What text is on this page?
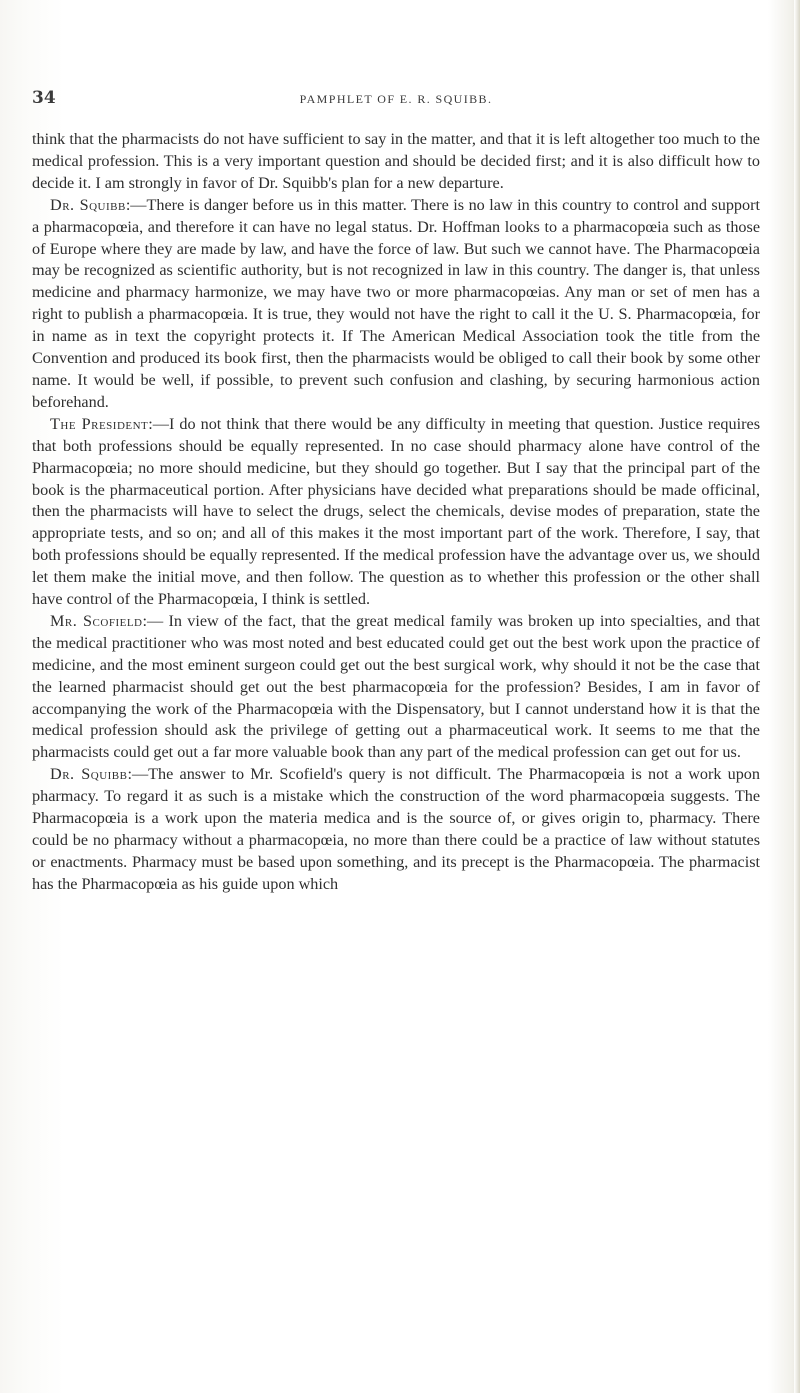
34	PAMPHLET OF E. R. SQUIBB.

think that the pharmacists do not have sufficient to say in the matter, and that it is left altogether too much to the medical profession. This is a very important question and should be decided first; and it is also difficult how to decide it. I am strongly in favor of Dr. Squibb's plan for a new departure.

Dr. Squibb:—There is danger before us in this matter. There is no law in this country to control and support a pharmacopœia, and therefore it can have no legal status. Dr. Hoffman looks to a pharmacopœia such as those of Europe where they are made by law, and have the force of law. But such we cannot have. The Pharmacopœia may be recognized as scientific authority, but is not recognized in law in this country. The danger is, that unless medicine and pharmacy harmonize, we may have two or more pharmacopœias. Any man or set of men has a right to publish a pharmacopœia. It is true, they would not have the right to call it the U. S. Pharmacopœia, for in name as in text the copyright protects it. If The American Medical Association took the title from the Convention and produced its book first, then the pharmacists would be obliged to call their book by some other name. It would be well, if possible, to prevent such confusion and clashing, by securing harmonious action beforehand.

The President:—I do not think that there would be any difficulty in meeting that question. Justice requires that both professions should be equally represented. In no case should pharmacy alone have control of the Pharmacopœia; no more should medicine, but they should go together. But I say that the principal part of the book is the pharmaceutical portion. After physicians have decided what preparations should be made officinal, then the pharmacists will have to select the drugs, select the chemicals, devise modes of preparation, state the appropriate tests, and so on; and all of this makes it the most important part of the work. Therefore, I say, that both professions should be equally represented. If the medical profession have the advantage over us, we should let them make the initial move, and then follow. The question as to whether this profession or the other shall have control of the Pharmacopœia, I think is settled.

Mr. Scofield:— In view of the fact, that the great medical family was broken up into specialties, and that the medical practitioner who was most noted and best educated could get out the best work upon the practice of medicine, and the most eminent surgeon could get out the best surgical work, why should it not be the case that the learned pharmacist should get out the best pharmacopœia for the profession? Besides, I am in favor of accompanying the work of the Pharmacopœia with the Dispensatory, but I cannot understand how it is that the medical profession should ask the privilege of getting out a pharmaceutical work. It seems to me that the pharmacists could get out a far more valuable book than any part of the medical profession can get out for us.

Dr. Squibb:—The answer to Mr. Scofield's query is not difficult. The Pharmacopœia is not a work upon pharmacy. To regard it as such is a mistake which the construction of the word pharmacopœia suggests. The Pharmacopœia is a work upon the materia medica and is the source of, or gives origin to, pharmacy. There could be no pharmacy without a pharmacopœia, no more than there could be a practice of law without statutes or enactments. Pharmacy must be based upon something, and its precept is the Pharmacopœia. The pharmacist has the Pharmacopœia as his guide upon which
